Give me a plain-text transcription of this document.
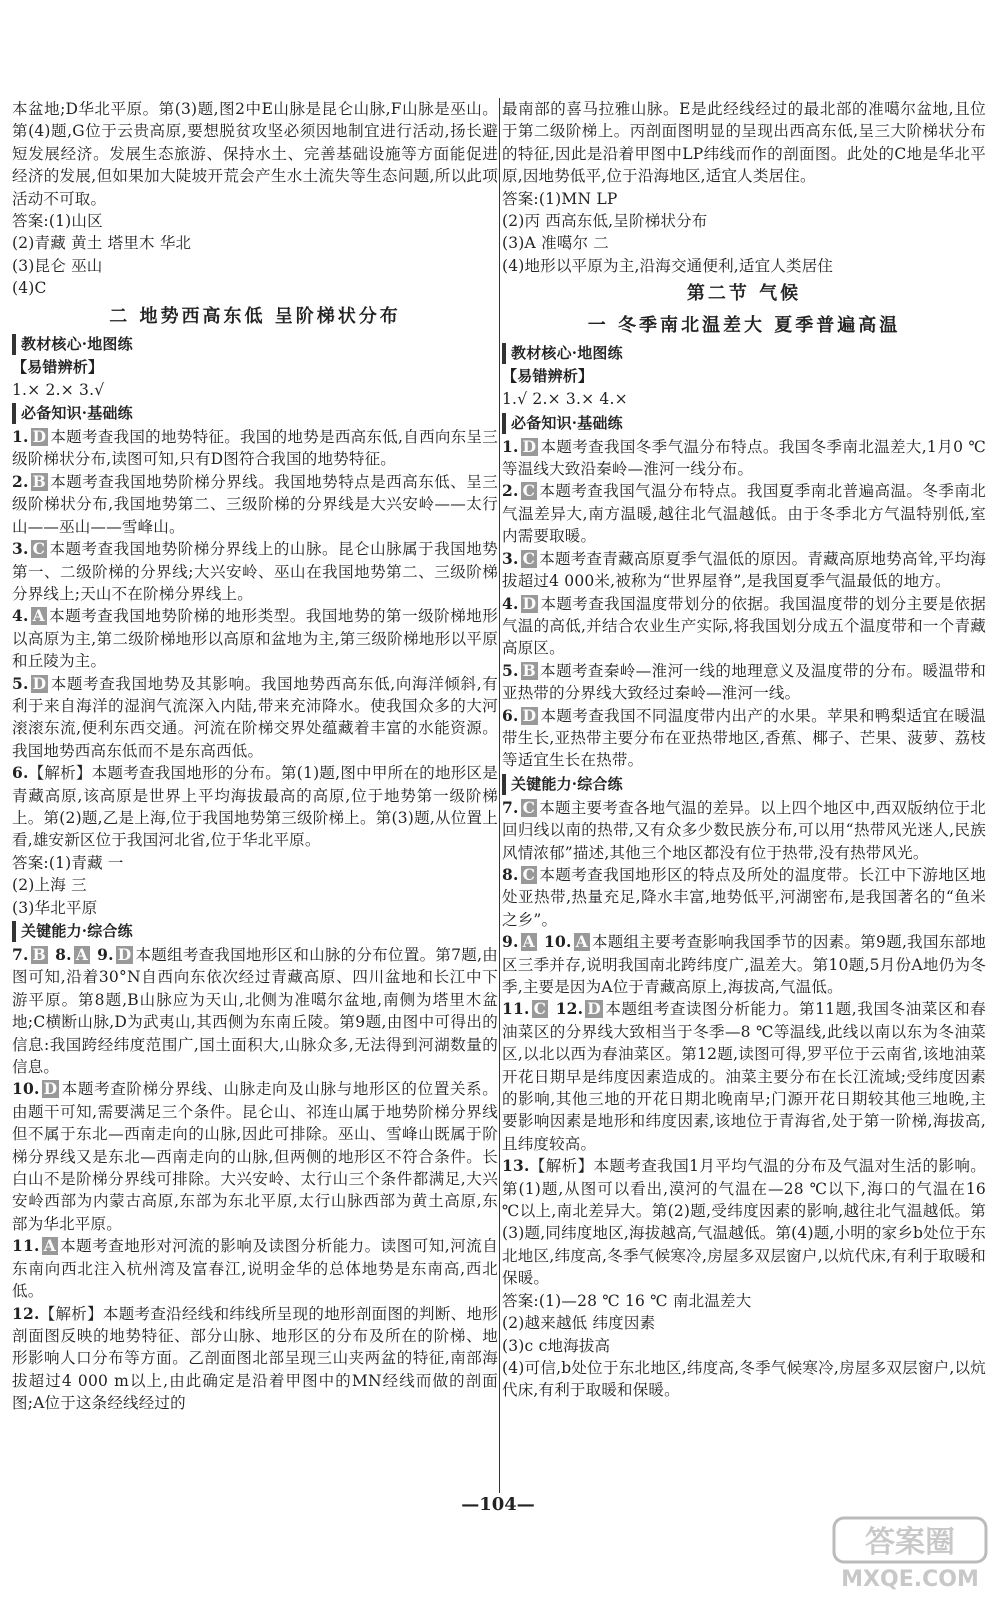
本盆地;D华北平原。第(3)题,图2中E山脉是昆仑山脉,F山脉是巫山。第(4)题,G位于云贵高原,要想脱贫攻坚必须因地制宜进行活动,扬长避短发展经济。发展生态旅游、保持水土、完善基础设施等方面能促进经济的发展,但如果加大陡坡开荒会产生水土流失等生态问题,所以此项活动不可取。

答案:(1)山区

(2)青藏 黄土 塔里木 华北

(3)昆仑 巫山

(4)C

二 地势西高东低 呈阶梯状分布
教材核心·地图练
【易错辨析】

1.× 2.× 3.√

必备知识·基础练

1. D 本题考查我国的地势特征。我国的地势是西高东低,自西向东呈三级阶梯状分布,读图可知,只有D图符合我国的地势特征。

2. B 本题考查我国地势阶梯分界线。我国地势特点是西高东低、呈三级阶梯状分布,我国地势第二、三级阶梯的分界线是大兴安岭——太行山——巫山——雪峰山。

3. C 本题考查我国地势阶梯分界线上的山脉。昆仑山脉属于我国地势第一、二级阶梯的分界线;大兴安岭、巫山在我国地势第二、三级阶梯分界线上;天山不在阶梯分界线上。

4. A 本题考查我国地势阶梯的地形类型。我国地势的第一级阶梯地形以高原为主,第二级阶梯地形以高原和盆地为主,第三级阶梯地形以平原和丘陵为主。

5. D 本题考查我国地势及其影响。我国地势西高东低,向海洋倾斜,有利于来自海洋的湿润气流深入内陆,带来充沛降水。使我国众多的大河滚滚东流,便利东西交通。河流在阶梯交界处蕴藏着丰富的水能资源。我国地势西高东低而不是东高西低。

6.【解析】本题考查我国地形的分布。第(1)题,图中甲所在的地形区是青藏高原,该高原是世界上平均海拔最高的高原,位于地势第一级阶梯上。第(2)题,乙是上海,位于我国地势第三级阶梯上。第(3)题,从位置上看,雄安新区位于我国河北省,位于华北平原。

答案:(1)青藏 一

(2)上海 三

(3)华北平原

关键能力·综合练

7. B 8. A 9. D 本题组考查我国地形区和山脉的分布位置。第7题,由图可知,沿着30°N自西向东依次经过青藏高原、四川盆地和长江中下游平原。第8题,B山脉应为天山,北侧为准噶尔盆地,南侧为塔里木盆地;C横断山脉,D为武夷山,其西侧为东南丘陵。第9题,由图中可得出的信息:我国跨经纬度范围广,国土面积大,山脉众多,无法得到河湖数量的信息。

10. D 本题考查阶梯分界线、山脉走向及山脉与地形区的位置关系。由题干可知,需要满足三个条件。昆仑山、祁连山属于地势阶梯分界线但不属于东北—西南走向的山脉,因此可排除。巫山、雪峰山既属于阶梯分界线又是东北—西南走向的山脉,但两侧的地形区不符合条件。长白山不是阶梯分界线可排除。大兴安岭、太行山三个条件都满足,大兴安岭西部为内蒙古高原,东部为东北平原,太行山脉西部为黄土高原,东部为华北平原。

11. A 本题考查地形对河流的影响及读图分析能力。读图可知,河流自东南向西北注入杭州湾及富春江,说明金华的总体地势是东南高,西北低。

12.【解析】本题考查沿经线和纬线所呈现的地形剖面图的判断、地形剖面图反映的地势特征、部分山脉、地形区的分布及所在的阶梯、地形影响人口分布等方面。乙剖面图北部呈现三山夹两盆的特征,南部海拔超过4 000 m以上,由此确定是沿着甲图中的MN经线而做的剖面图;A位于这条经线经过的

最南部的喜马拉雅山脉。E是此经线经过的最北部的准噶尔盆地,且位于第二级阶梯上。丙剖面图明显的呈现出西高东低,呈三大阶梯状分布的特征,因此是沿着甲图中LP纬线而作的剖面图。此处的C地是华北平原,因地势低平,位于沿海地区,适宜人类居住。

答案:(1)MN LP

(2)丙 西高东低,呈阶梯状分布

(3)A 准噶尔 二

(4)地形以平原为主,沿海交通便利,适宜人类居住

第二节 气候
一 冬季南北温差大 夏季普遍高温
教材核心·地图练
【易错辨析】

1.√ 2.× 3.× 4.×

必备知识·基础练

1. D 本题考查我国冬季气温分布特点。我国冬季南北温差大,1月0 ℃等温线大致沿秦岭—淮河一线分布。

2. C 本题考查我国气温分布特点。我国夏季南北普遍高温。冬季南北气温差异大,南方温暖,越往北气温越低。由于冬季北方气温特别低,室内需要取暖。

3. C 本题考查青藏高原夏季气温低的原因。青藏高原地势高耸,平均海拔超过4 000米,被称为“世界屋脊”,是我国夏季气温最低的地方。

4. D 本题考查我国温度带划分的依据。我国温度带的划分主要是依据气温的高低,并结合农业生产实际,将我国划分成五个温度带和一个青藏高原区。

5. B 本题考查秦岭—淮河一线的地理意义及温度带的分布。暖温带和亚热带的分界线大致经过秦岭—淮河一线。

6. D 本题考查我国不同温度带内出产的水果。苹果和鸭梨适宜在暖温带生长,亚热带主要分布在亚热带地区,香蕉、椰子、芒果、菠萝、荔枝等适宜生长在热带。

关键能力·综合练

7. C 本题主要考查各地气温的差异。以上四个地区中,西双版纳位于北回归线以南的热带,又有众多少数民族分布,可以用“热带风光迷人,民族风情浓郁”描述,其他三个地区都没有位于热带,没有热带风光。

8. C 本题考查我国地形区的特点及所处的温度带。长江中下游地区地处亚热带,热量充足,降水丰富,地势低平,河湖密布,是我国著名的“鱼米之乡”。

9. A 10. A 本题组主要考查影响我国季节的因素。第9题,我国东部地区三季并存,说明我国南北跨纬度广,温差大。第10题,5月份A地仍为冬季,主要是因为A位于青藏高原上,海拔高,气温低。

11. C 12. D 本题组考查读图分析能力。第11题,我国冬油菜区和春油菜区的分界线大致相当于冬季—8 ℃等温线,此线以南以东为冬油菜区,以北以西为春油菜区。第12题,读图可得,罗平位于云南省,该地油菜开花日期早是纬度因素造成的。油菜主要分布在长江流域;受纬度因素的影响,其他三地的开花日期北晚南早;门源开花日期较其他三地晚,主要影响因素是地形和纬度因素,该地位于青海省,处于第一阶梯,海拔高,且纬度较高。

13.【解析】本题考查我国1月平均气温的分布及气温对生活的影响。第(1)题,从图可以看出,漠河的气温在—28 ℃以下,海口的气温在16 ℃以上,南北差异大。第(2)题,受纬度因素的影响,越往北气温越低。第(3)题,同纬度地区,海拔越高,气温越低。第(4)题,小明的家乡b处位于东北地区,纬度高,冬季气候寒冷,房屋多双层窗户,以炕代床,有利于取暖和保暖。

答案:(1)—28 ℃ 16 ℃ 南北温差大

(2)越来越低 纬度因素

(3)c c地海拔高

(4)可信,b处位于东北地区,纬度高,冬季气候寒冷,房屋多双层窗户,以炕代床,有利于取暖和保暖。

—104—
答案圈
MXQE.COM
